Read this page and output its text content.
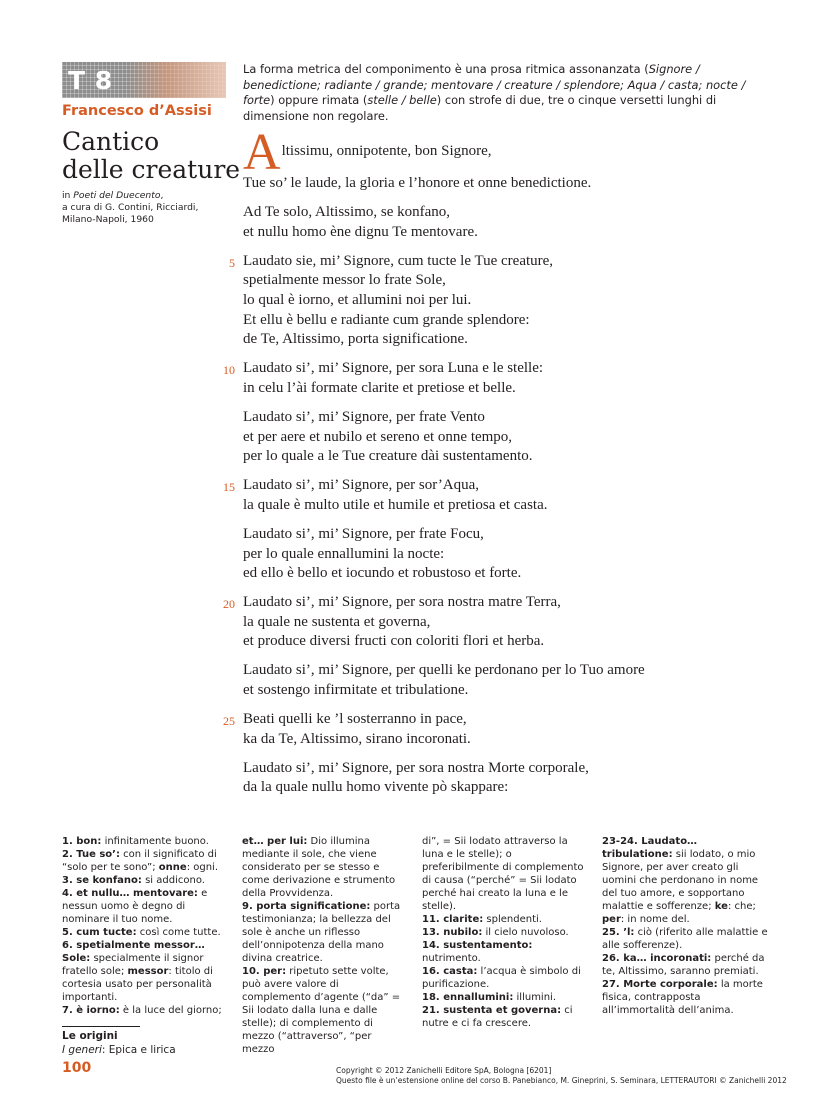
T 8
Francesco d’Assisi
Cantico
delle creature
in Poeti del Duecento,
a cura di G. Contini, Ricciardi,
Milano-Napoli, 1960
La forma metrica del componimento è una prosa ritmica assonanzata (Signore / benedictione; radiante / grande; mentovare / creature / splendore; Aqua / casta; nocte / forte) oppure rimata (stelle / belle) con strofe di due, tre o cinque versetti lunghi di dimensione non regolare.
A ltissimu, onnipotente, bon Signore,
Tue so’ le laude, la gloria e l’honore et onne benedictione.
Ad Te solo, Altissimo, se konfano,
et nullu homo ène dignu Te mentovare.
5 Laudato sie, mi’ Signore, cum tucte le Tue creature,
spetialmente messor lo frate Sole,
lo qual è iorno, et allumini noi per lui.
Et ellu è bellu e radiante cum grande splendore:
de Te, Altissimo, porta significatione.
10 Laudato si’, mi’ Signore, per sora Luna e le stelle:
in celu l’ài formate clarite et pretiose et belle.
Laudato si’, mi’ Signore, per frate Vento
et per aere et nubilo et sereno et onne tempo,
per lo quale a le Tue creature dài sustentamento.
15 Laudato si’, mi’ Signore, per sor’Aqua,
la quale è multo utile et humile et pretiosa et casta.
Laudato si’, mi’ Signore, per frate Focu,
per lo quale ennallumini la nocte:
ed ello è bello et iocundo et robustoso et forte.
20 Laudato si’, mi’ Signore, per sora nostra matre Terra,
la quale ne sustenta et governa,
et produce diversi fructi con coloriti flori et herba.
Laudato si’, mi’ Signore, per quelli ke perdonano per lo Tuo amore
et sostengo infirmitate et tribulatione.
25 Beati quelli ke ’l sosterranno in pace,
ka da Te, Altissimo, sirano incoronati.
Laudato si’, mi’ Signore, per sora nostra Morte corporale,
da la quale nullu homo vivente pò skappare:

1. bon: infinitamente buono.

2. Tue so’: con il significato di “solo per te sono”; onne: ogni.

3. se konfano: si addicono.

4. et nullu… mentovare: e nessun uomo è degno di nominare il tuo nome.

5. cum tucte: così come tutte.

6. spetialmente messor… Sole: specialmente il signor fratello sole; messor: titolo di cortesia usato per personalità importanti.

7. è iorno: è la luce del giorno;

et… per lui: Dio illumina mediante il sole, che viene considerato per se stesso e come derivazione e strumento della Provvidenza.

9. porta significatione: porta testimonianza; la bellezza del sole è anche un riflesso dell’onnipotenza della mano divina creatrice.

10. per: ripetuto sette volte, può avere valore di complemento d’agente (“da” = Sii lodato dalla luna e dalle stelle); di complemento di mezzo (“attraverso”, “per mezzo

di”, = Sii lodato attraverso la luna e le stelle); o preferibilmente di complemento di causa (“perché” = Sii lodato perché hai creato la luna e le stelle).

11. clarite: splendenti.

13. nubilo: il cielo nuvoloso.

14. sustentamento: nutrimento.

16. casta: l’acqua è simbolo di purificazione.

18. ennallumini: illumini.

21. sustenta et governa: ci nutre e ci fa crescere.

23-24. Laudato… tribulatione: sii lodato, o mio Signore, per aver creato gli uomini che perdonano in nome del tuo amore, e sopportano malattie e sofferenze; ke: che; per: in nome del.

25. ’l: ciò (riferito alle malattie e alle sofferenze).

26. ka… incoronati: perché da te, Altissimo, saranno premiati.

27. Morte corporale: la morte fisica, contrapposta all’immortalità dell’anima.

Le origini
I generi: Epica e lirica
100	Copyright © 2012 Zanichelli Editore SpA, Bologna [6201]
Questo file è un’estensione online del corso B. Panebianco, M. Gineprini, S. Seminara, LETTERAUTORI © Zanichelli 2012
